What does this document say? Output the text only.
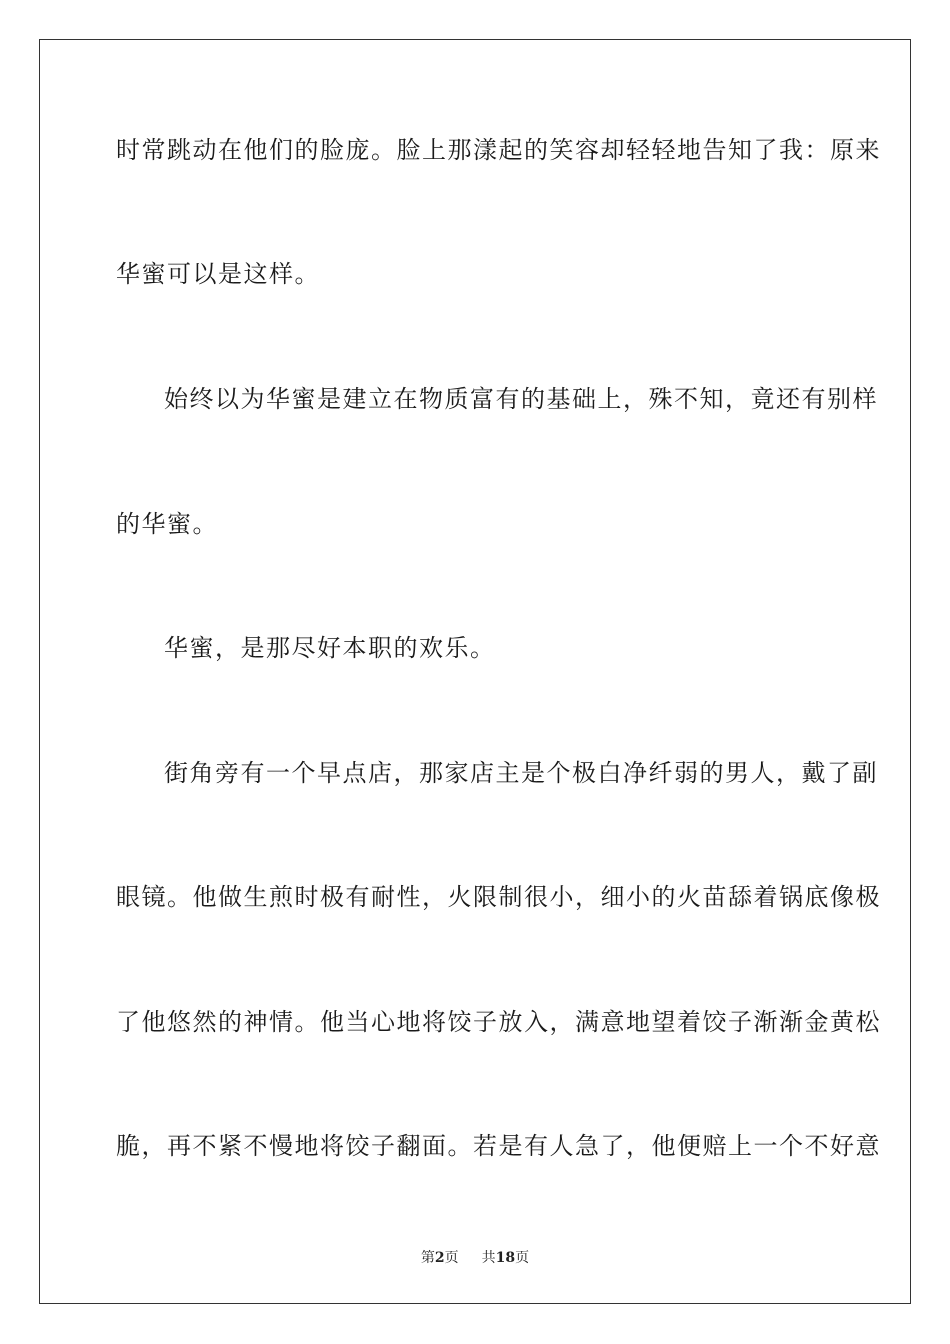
时常跳动在他们的脸庞。脸上那漾起的笑容却轻轻地告知了我：原来
华蜜可以是这样。
始终以为华蜜是建立在物质富有的基础上，殊不知，竟还有别样
的华蜜。
华蜜，是那尽好本职的欢乐。
街角旁有一个早点店，那家店主是个极白净纤弱的男人，戴了副
眼镜。他做生煎时极有耐性，火限制很小，细小的火苗舔着锅底像极
了他悠然的神情。他当心地将饺子放入，满意地望着饺子渐渐金黄松
脆，再不紧不慢地将饺子翻面。若是有人急了，他便赔上一个不好意
第2页 共18页
